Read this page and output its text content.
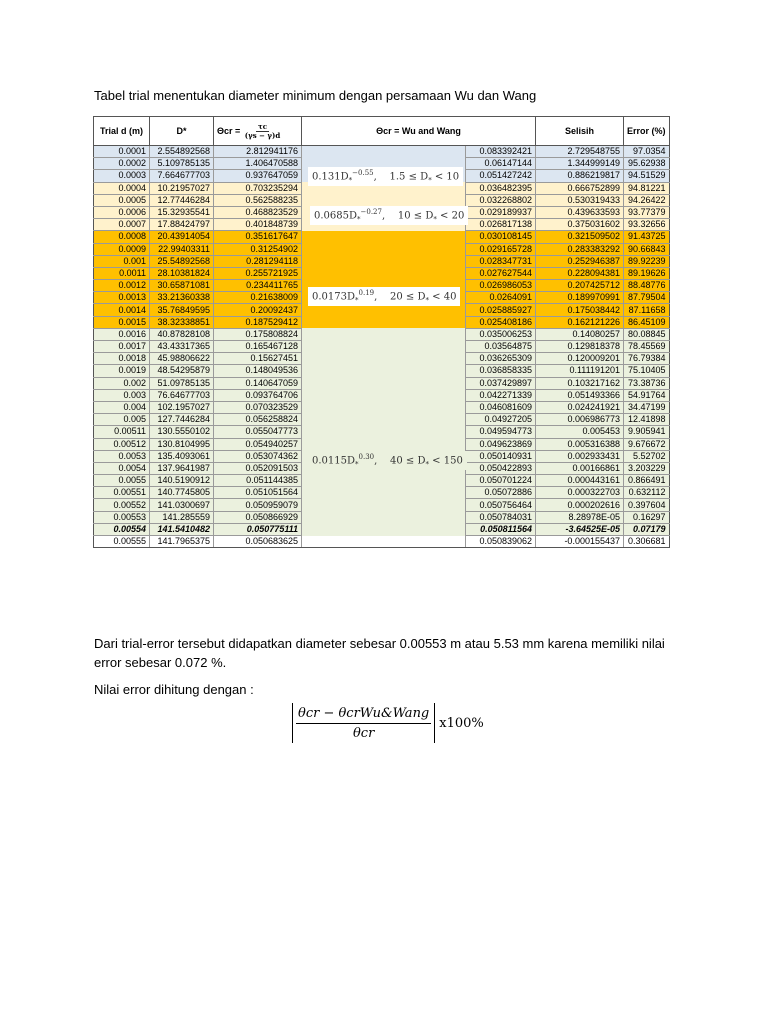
Tabel trial menentukan diameter minimum dengan persamaan Wu dan Wang
Trial d (m)	D*	$\Theta cr = \frac{\tau c}{(\gamma s - \gamma)d}$	Θcr = Wu and Wang		Selisih	Error (%)
0.0001	2.554892568	2.812941176		0.083392421	2.729548755	97.0354
0.0002	5.109785135	1.406470588		0.06147144	1.344999149	95.62938
0.0003	7.664677703	0.937647059		0.051427242	0.886219817	94.51529
0.0004	10.21957027	0.703235294		0.036482395	0.666752899	94.81221
0.0005	12.77446284	0.562588235		0.032268802	0.530319433	94.26422
0.0006	15.32935541	0.468823529		0.029189937	0.439633593	93.77379
0.0007	17.88424797	0.401848739		0.026817138	0.375031602	93.32656
0.0008	20.43914054	0.351617647		0.030108145	0.321509502	91.43725
0.0009	22.99403311	0.31254902		0.029165728	0.283383292	90.66843
0.001	25.54892568	0.281294118		0.028347731	0.252946387	89.92239
0.0011	28.10381824	0.255721925		0.027627544	0.228094381	89.19626
0.0012	30.65871081	0.234411765		0.026986053	0.207425712	88.48776
0.0013	33.21360338	0.21638009		0.0264091	0.189970991	87.79504
0.0014	35.76849595	0.20092437		0.025885927	0.175038442	87.11658
0.0015	38.32338851	0.187529412		0.025408186	0.162121226	86.45109
0.0016	40.87828108	0.175808824		0.035006253	0.14080257	80.08845
0.0017	43.43317365	0.165467128		0.03564875	0.129818378	78.45569
0.0018	45.98806622	0.15627451		0.036265309	0.120009201	76.79384
0.0019	48.54295879	0.148049536		0.036858335	0.111191201	75.10405
0.002	51.09785135	0.140647059		0.037429897	0.103217162	73.38736
0.003	76.64677703	0.093764706		0.042271339	0.051493366	54.91764
0.004	102.1957027	0.070323529		0.046081609	0.024241921	34.47199
0.005	127.7446284	0.056258824		0.04927205	0.006986773	12.41898
0.00511	130.5550102	0.055047773		0.049594773	0.005453	9.905941
0.00512	130.8104995	0.054940257		0.049623869	0.005316388	9.676672
0.0053	135.4093061	0.053074362		0.050140931	0.002933431	5.52702
0.0054	137.9641987	0.052091503		0.050422893	0.00166861	3.203229
0.0055	140.5190912	0.051144385		0.050701224	0.000443161	0.866491
0.00551	140.7745805	0.051051564		0.05072886	0.000322703	0.632112
0.00552	141.0300697	0.050959079		0.050756464	0.000202616	0.397604
0.00553	141.285559	0.050866929		0.050784031	8.28978E-05	0.16297
0.00554	141.5410482	0.050775111		0.050811564	-3.64525E-05	0.07179
0.00555	141.7965375	0.050683625		0.050839062	-0.000155437	0.306681
$0.131D_*^{-0.55}$,    $1.5 \le D_* < 10$
$0.0685D_*^{-0.27}$,    $10 \le D_* < 20$
$0.0173D_*^{0.19}$,    $20 \le D_* < 40$
$0.0115D_*^{0.30}$,    $40 \le D_* < 150$
Dari trial-error tersebut didapatkan diameter sebesar 0.00553 m atau 5.53 mm karena memiliki nilai error sebesar 0.072 %.
Nilai error dihitung dengan :
θcr − θcrWu&Wang
θcr
x100%
